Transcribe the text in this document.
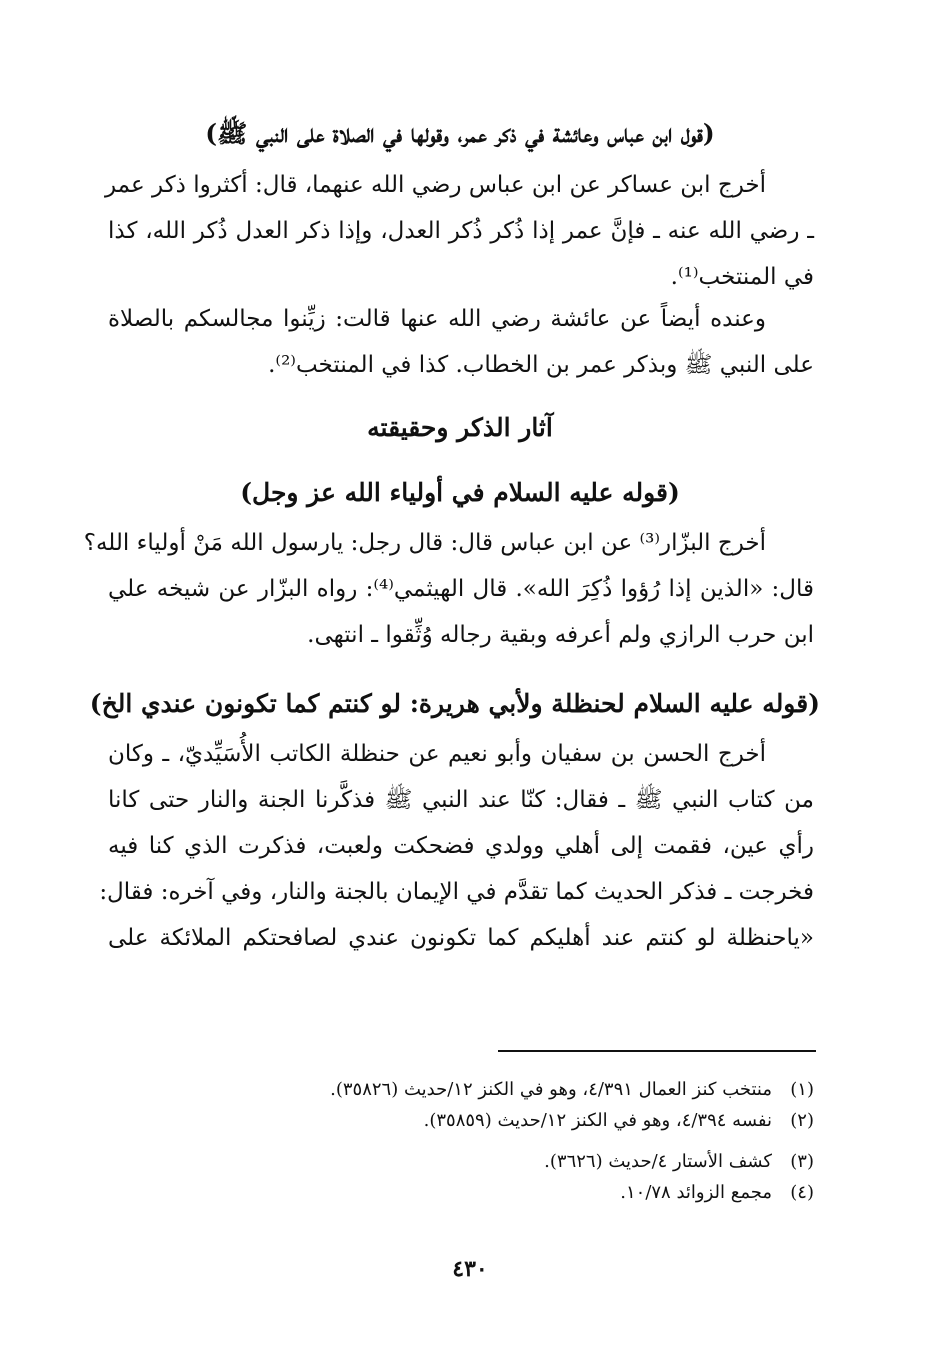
(قول ابن عباس وعائشة في ذكر عمر، وقولها في الصلاة على النبي ﷺ)
أخرج ابن عساكر عن ابن عباس رضي الله عنهما، قال: أكثروا ذكر عمر
ـ رضي الله عنه ـ فإنَّ عمر إذا ذُكر ذُكر العدل، وإذا ذكر العدل ذُكر الله، كذا
في المنتخب⁽¹⁾.
وعنده أيضاً عن عائشة رضي الله عنها قالت: زيِّنوا مجالسكم بالصلاة
على النبي ﷺ وبذكر عمر بن الخطاب. كذا في المنتخب⁽²⁾.
آثار الذكر وحقيقته
(قوله عليه السلام في أولياء الله عز وجل)
أخرج البزّار⁽³⁾ عن ابن عباس قال: قال رجل: يارسول الله مَنْ أولياء الله؟
قال: «الذين إذا رُؤوا ذُكِرَ الله». قال الهيثمي⁽⁴⁾: رواه البزّار عن شيخه علي
ابن حرب الرازي ولم أعرفه وبقية رجاله وُثِّقوا ـ انتهى.
(قوله عليه السلام لحنظلة ولأبي هريرة: لو كنتم كما تكونون عندي الخ)
أخرج الحسن بن سفيان وأبو نعيم عن حنظلة الكاتب الأُسَيِّديّ، ـ وكان
من كتاب النبي ﷺ ـ فقال: كنّا عند النبي ﷺ فذكَّرنا الجنة والنار حتى كانا
رأي عين، فقمت إلى أهلي وولدي فضحكت ولعبت، فذكرت الذي كنا فيه
فخرجت ـ فذكر الحديث كما تقدَّم في الإيمان بالجنة والنار، وفي آخره: فقال:
«ياحنظلة لو كنتم عند أهليكم كما تكونون عندي لصافحتكم الملائكة على
(١)منتخب كنز العمال ٤/٣٩١، وهو في الكنز ١٢/حديث (٣٥٨٢٦).
(٢)نفسه ٤/٣٩٤، وهو في الكنز ١٢/حديث (٣٥٨٥٩).
(٣)كشف الأستار ٤/حديث (٣٦٢٦).
(٤)مجمع الزوائد ١٠/٧٨.
٤٣٠
